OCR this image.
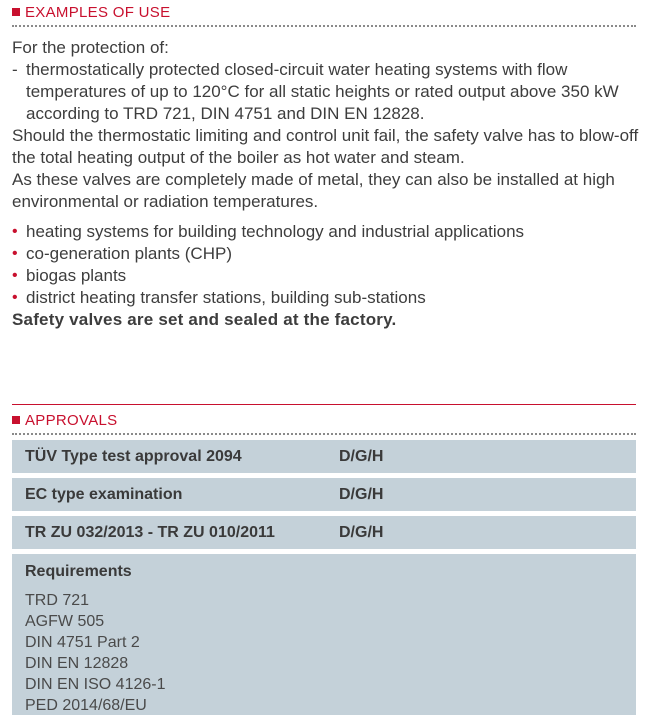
EXAMPLES OF USE

For the protection of:

- thermostatically protected closed-circuit water heating systems with flow temperatures of up to 120°C for all static heights or rated output above 350 kW according to TRD 721, DIN 4751 and DIN EN 12828.

Should the thermostatic limiting and control unit fail, the safety valve has to blow-off the total heating output of the boiler as hot water and steam.

As these valves are completely made of metal, they can also be installed at high environmental or radiation temperatures.

• heating systems for building technology and industrial applications
• co-generation plants (CHP)
• biogas plants
• district heating transfer stations, building sub-stations

Safety valves are set and sealed at the factory.

APPROVALS
TÜV Type test approval 2094	D/G/H
EC type examination	D/G/H
TR ZU 032/2013 - TR ZU 010/2011	D/G/H
Requirements
TRD 721
AGFW 505
DIN 4751 Part 2
DIN EN 12828
DIN EN ISO 4126-1
PED 2014/68/EU
